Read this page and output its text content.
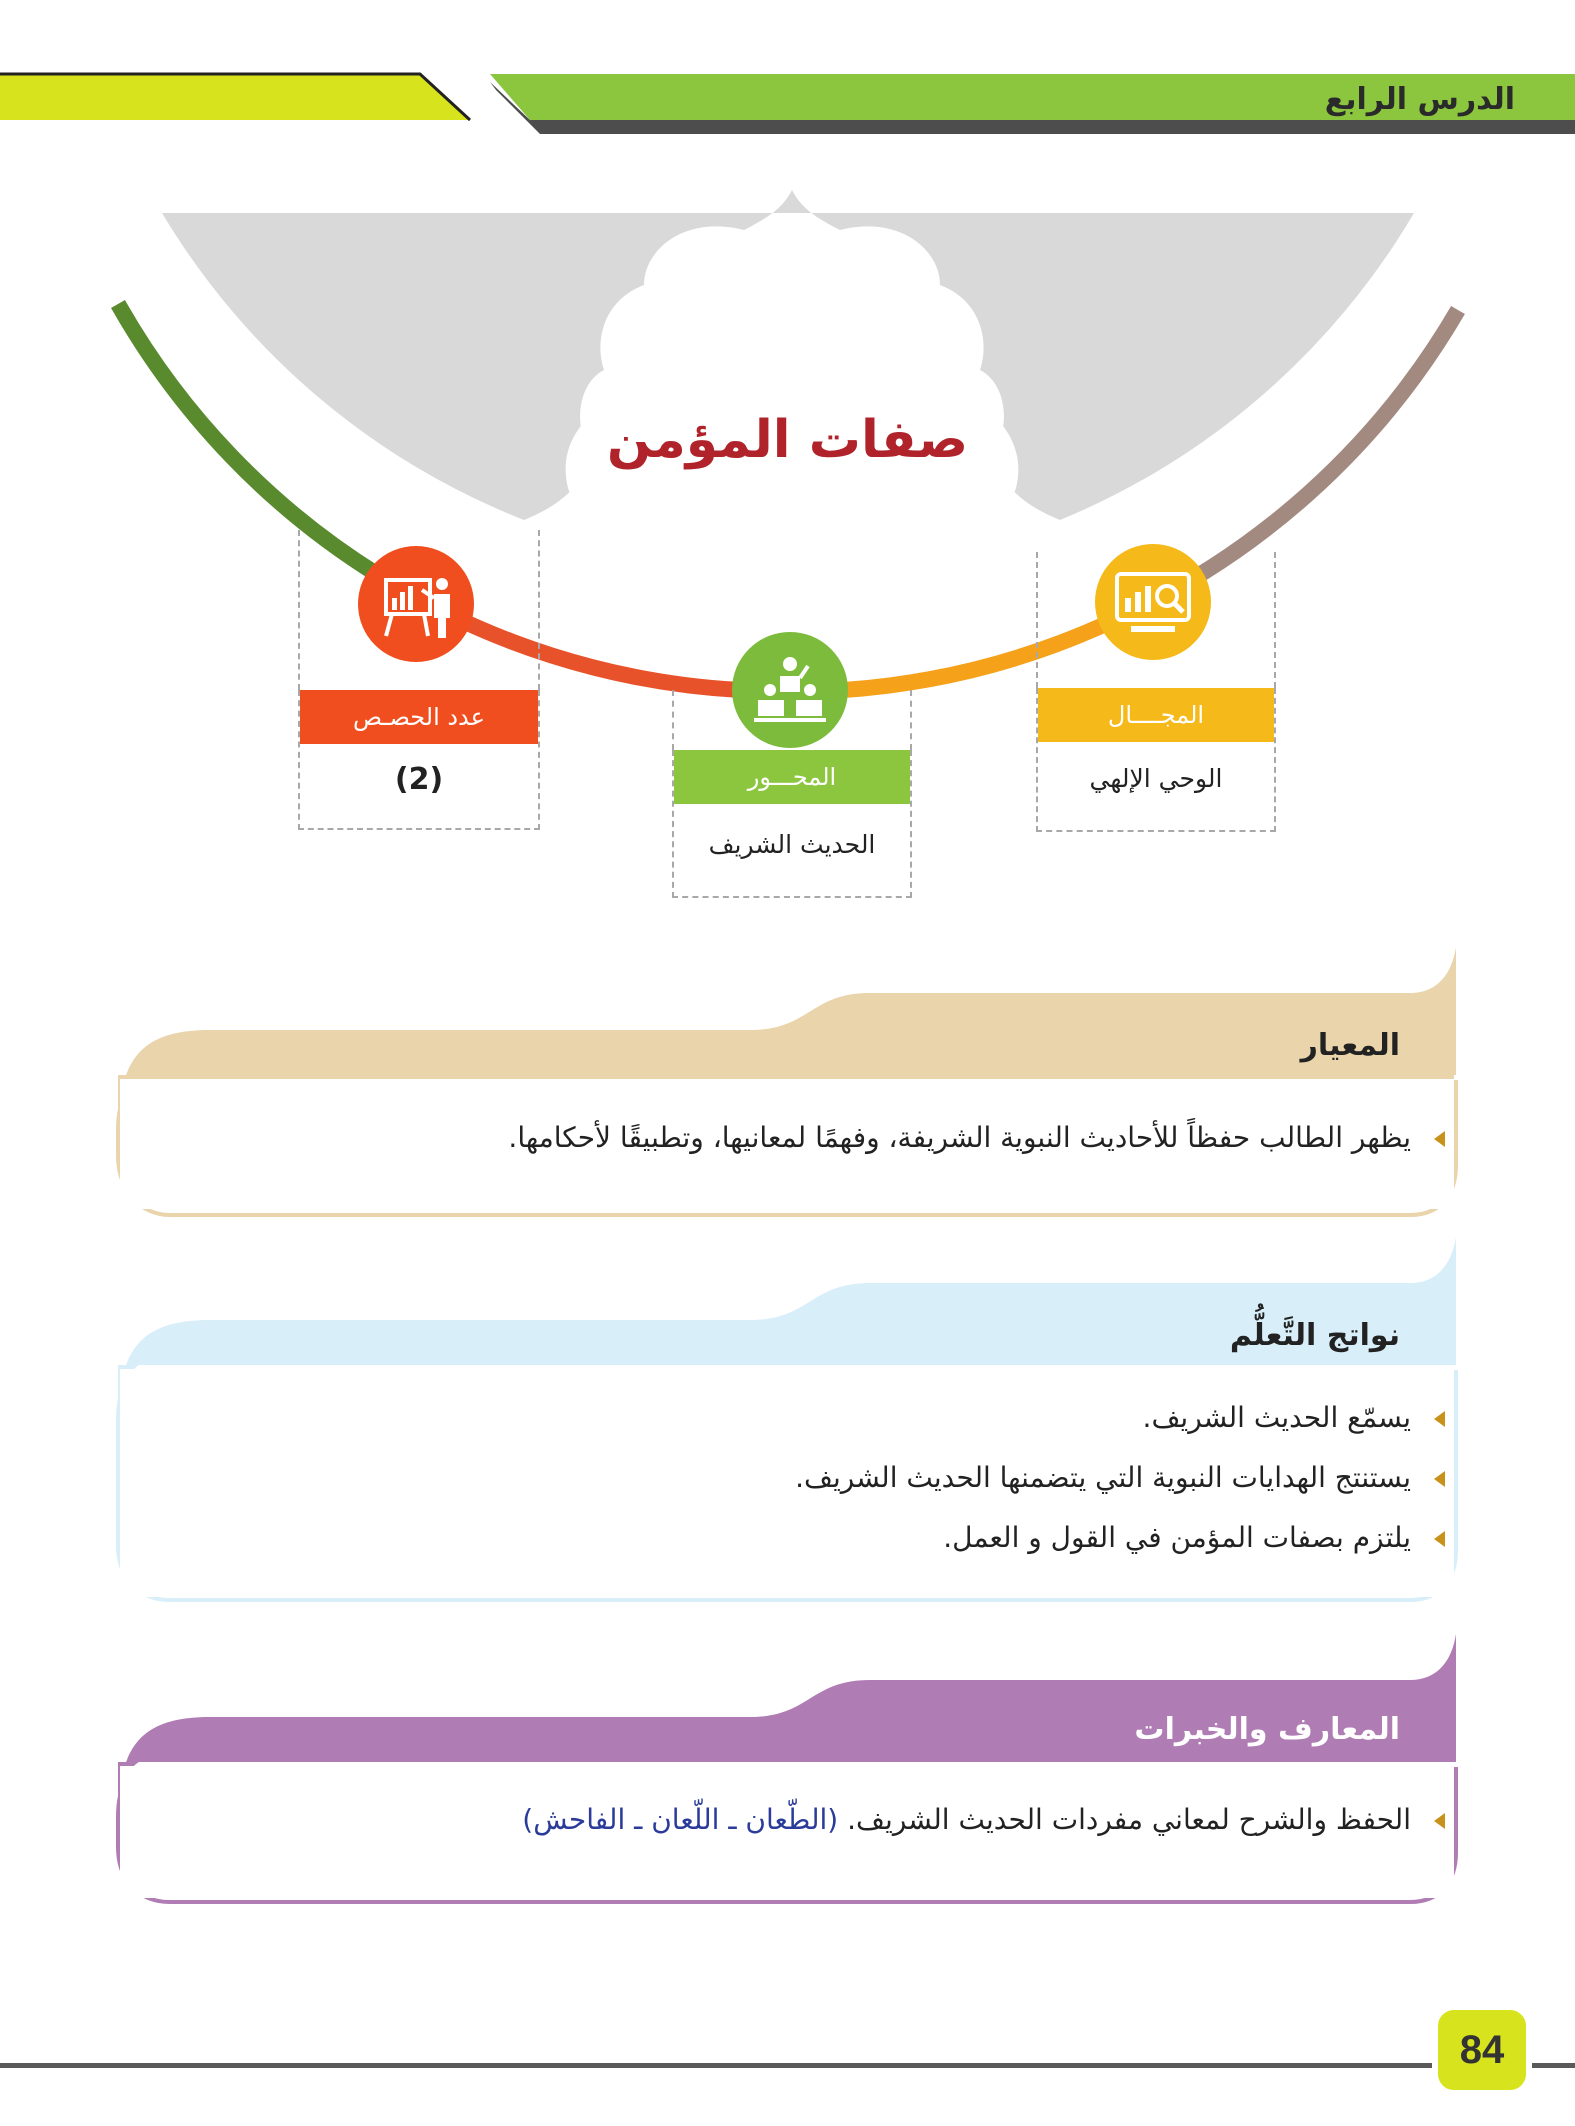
الدرس الرابع
صفات المؤمن
عدد الحصـص
(2)	المحـــور
الحديث الشريف
المجــــال
الوحي الإلهي
المعيار
يظهر الطالب حفظاً للأحاديث النبوية الشريفة، وفهمًا لمعانيها، وتطبيقًا لأحكامها.
نواتج التَّعلُّم
يسمّع الحديث الشريف.
يستنتج الهدايات النبوية التي يتضمنها الحديث الشريف.
يلتزم بصفات المؤمن في القول و العمل.
المعارف والخبرات
الحفظ والشرح لمعاني مفردات الحديث الشريف. (الطّعان ـ اللّعان ـ الفاحش)
84
